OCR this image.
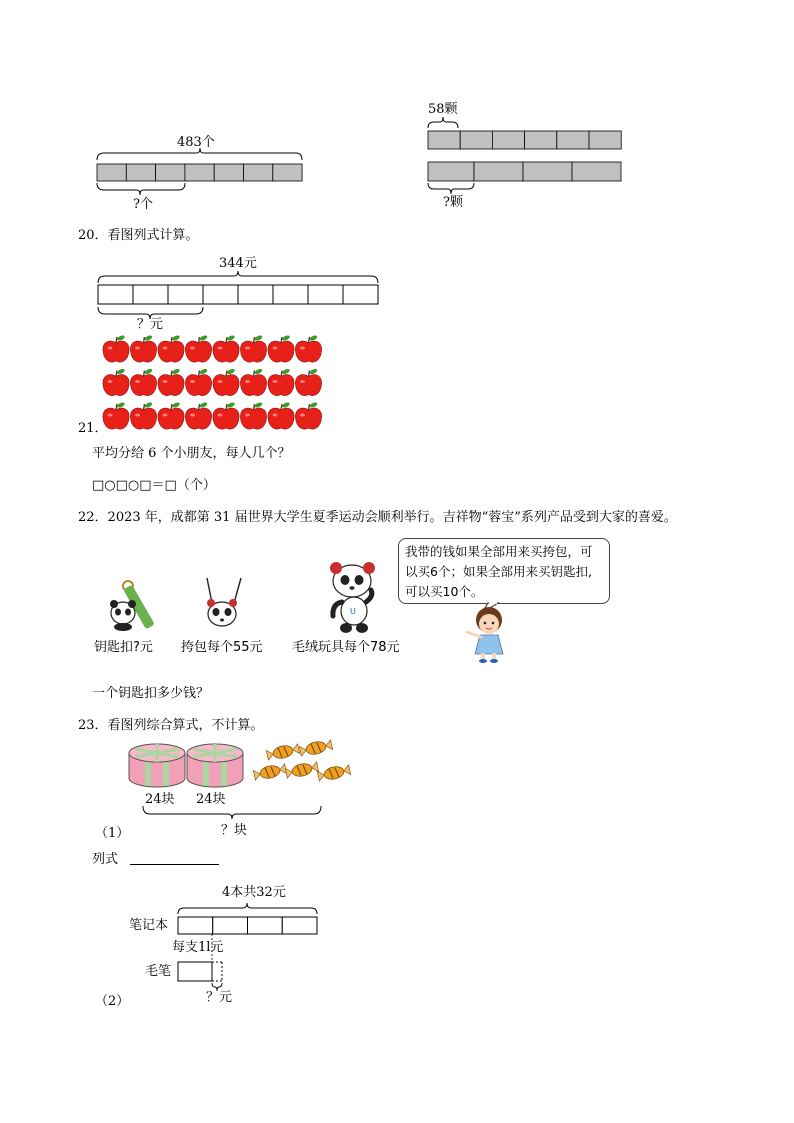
483个
?个
58颗
?颗
20．看图列式计算。
344元
？元
21．
平均分给 6 个小朋友，每人几个？
□○□○□＝□（个）
22．2023 年，成都第 31 届世界大学生夏季运动会顺利举行。吉祥物“蓉宝”系列产品受到大家的喜爱。
我带的钱如果全部用来买挎包，可以买6个；如果全部用来买钥匙扣,可以买10个。
U
钥匙扣?元 挎包每个55元 毛绒玩具每个78元
一个钥匙扣多少钱？
23．看图列综合算式，不计算。
24块 24块
（1）	？块
列式
4本共32元
笔记本
每支1l元
毛笔
？元
（2）
